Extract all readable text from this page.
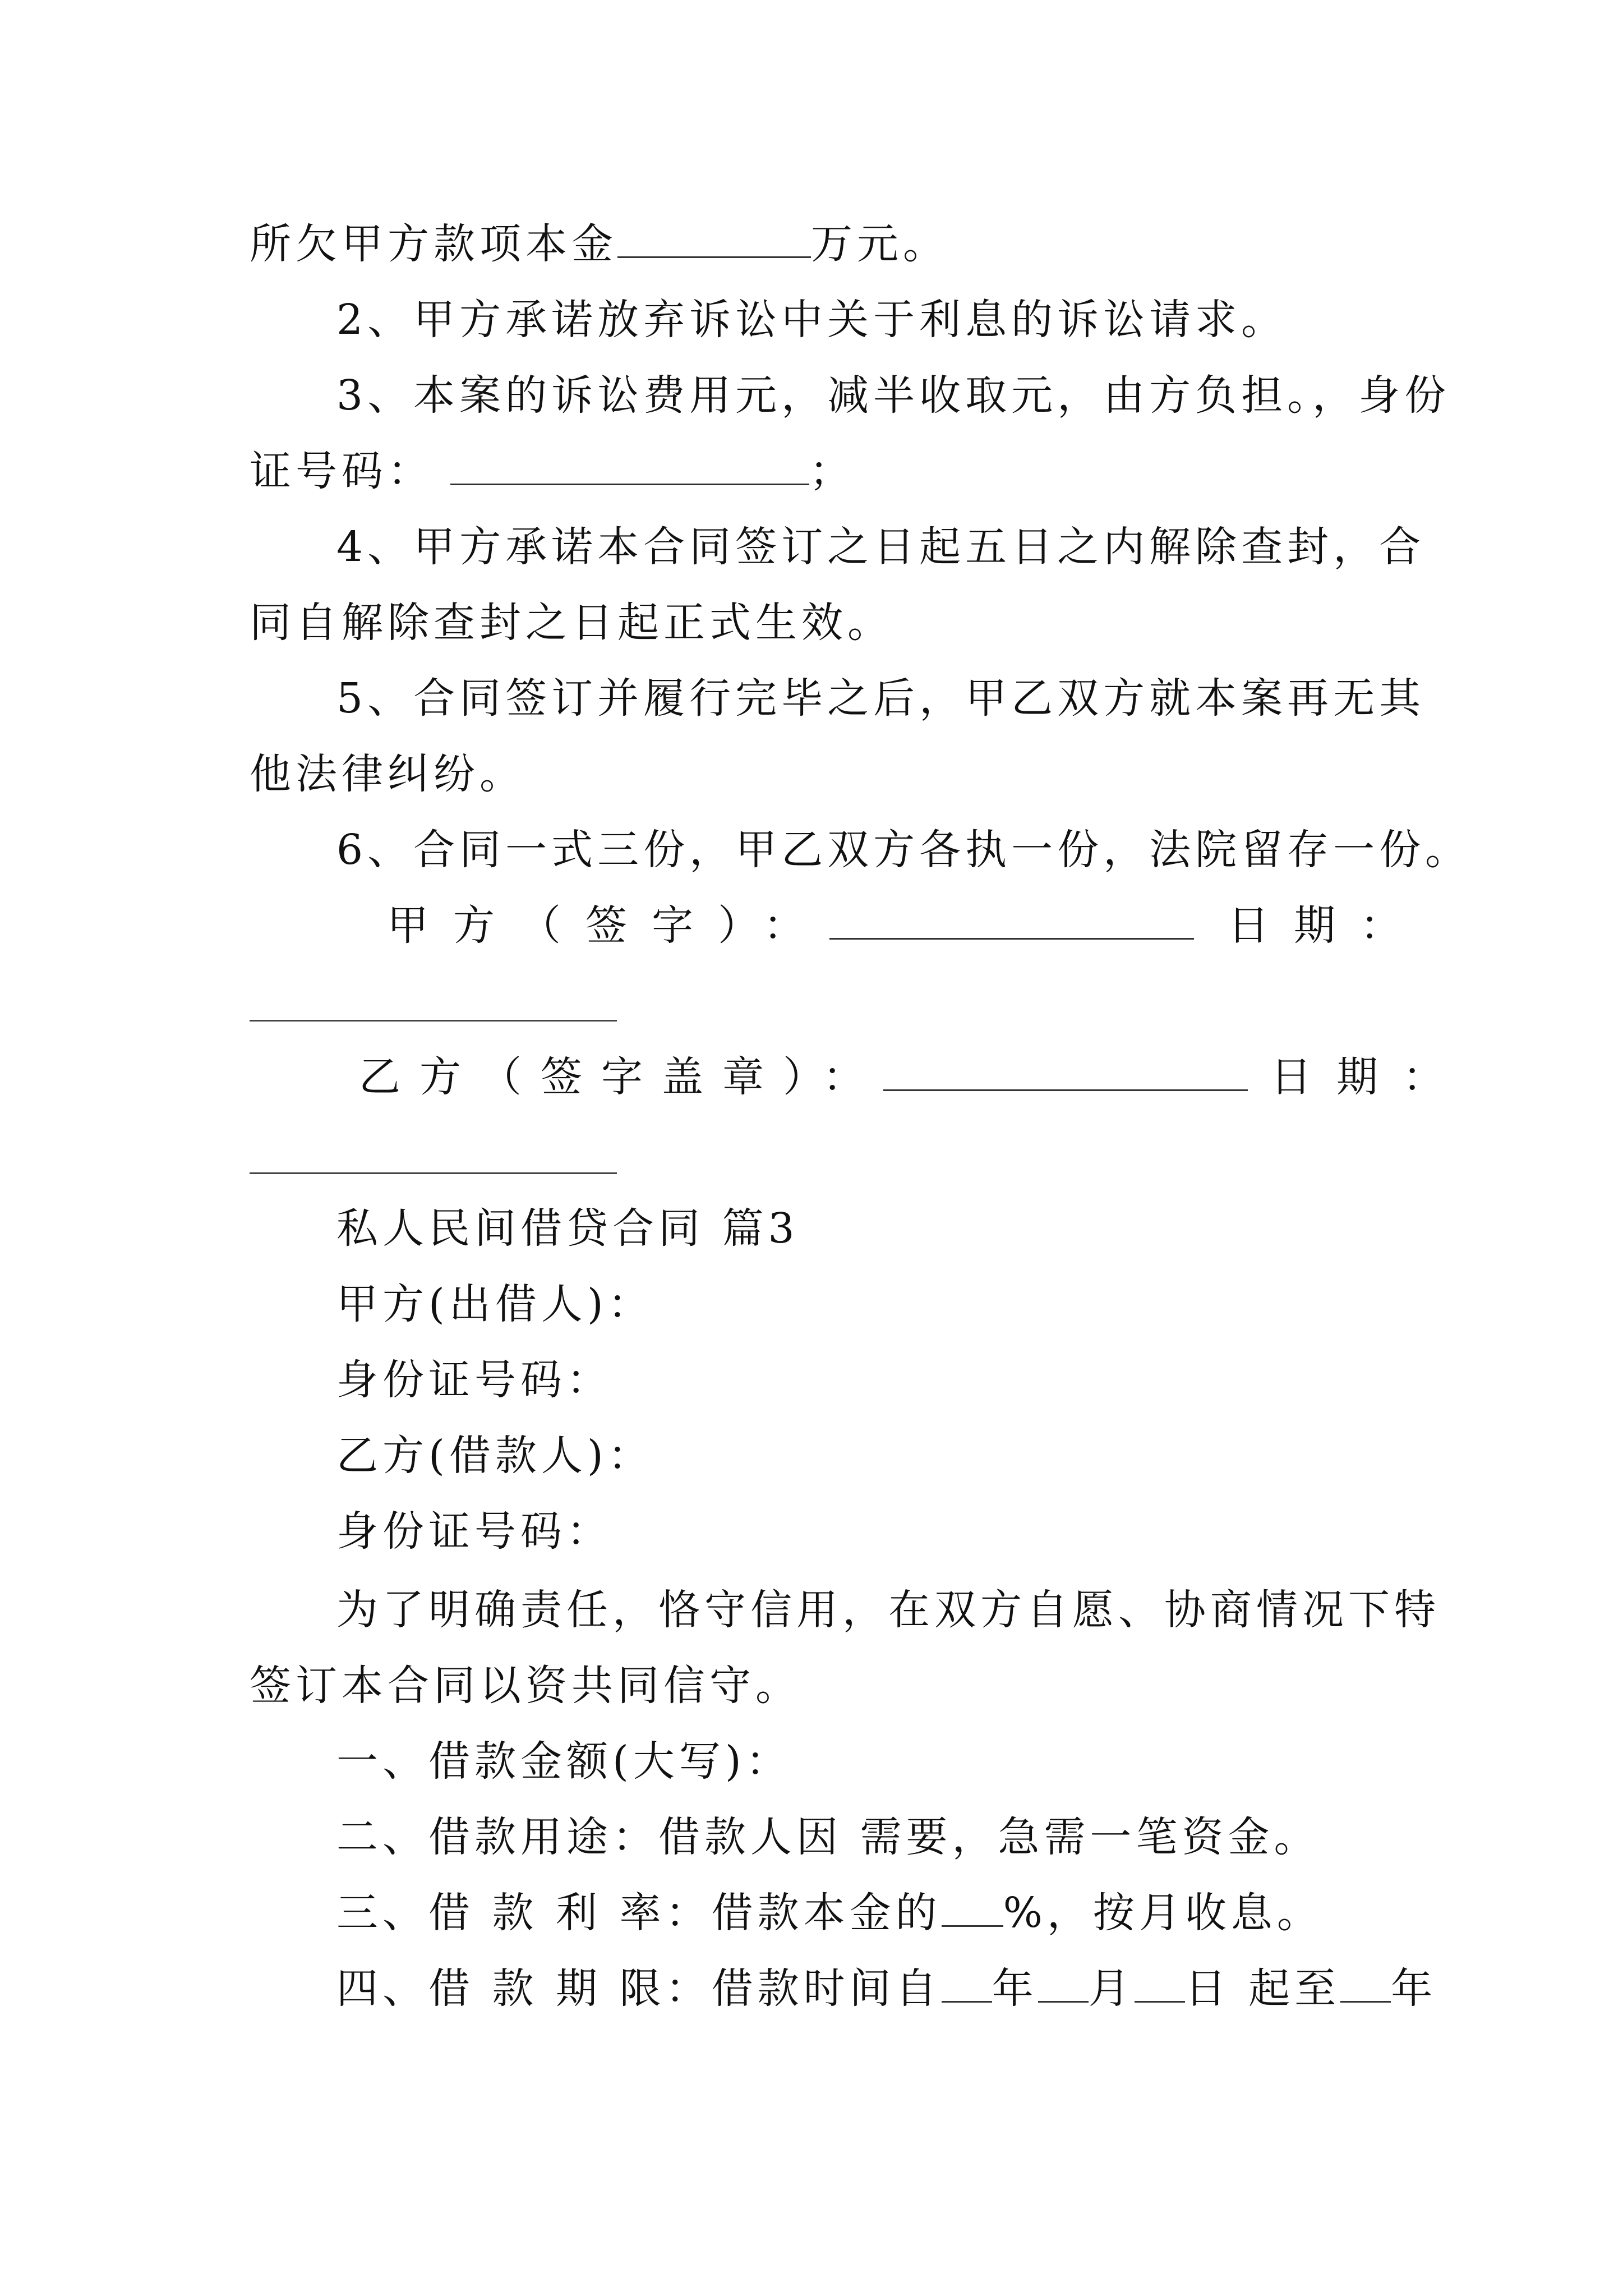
所欠甲方款项本金	万元。
2、甲方承诺放弃诉讼中关于利息的诉讼请求。
3、本案的诉讼费用元，减半收取元，由方负担。，身份
证号码：	；
4、甲方承诺本合同签订之日起五日之内解除查封，合
同自解除查封之日起正式生效。
5、合同签订并履行完毕之后，甲乙双方就本案再无其
他法律纠纷。
6、合同一式三份，甲乙双方各执一份，法院留存一份。
甲方（签字）：	日期：
乙方（签字盖章）：	日期：
私人民间借贷合同 篇3
甲方(出借人)：
身份证号码：
乙方(借款人)：
身份证号码：
为了明确责任，恪守信用，在双方自愿、协商情况下特
签订本合同以资共同信守。
一、借款金额(大写)：
二、借款用途：借款人因 需要，急需一笔资金。
三、借 款 利 率：借款本金的 %，按月收息。
四、借 款 期 限：借款时间自 年 月 日 起至 年
